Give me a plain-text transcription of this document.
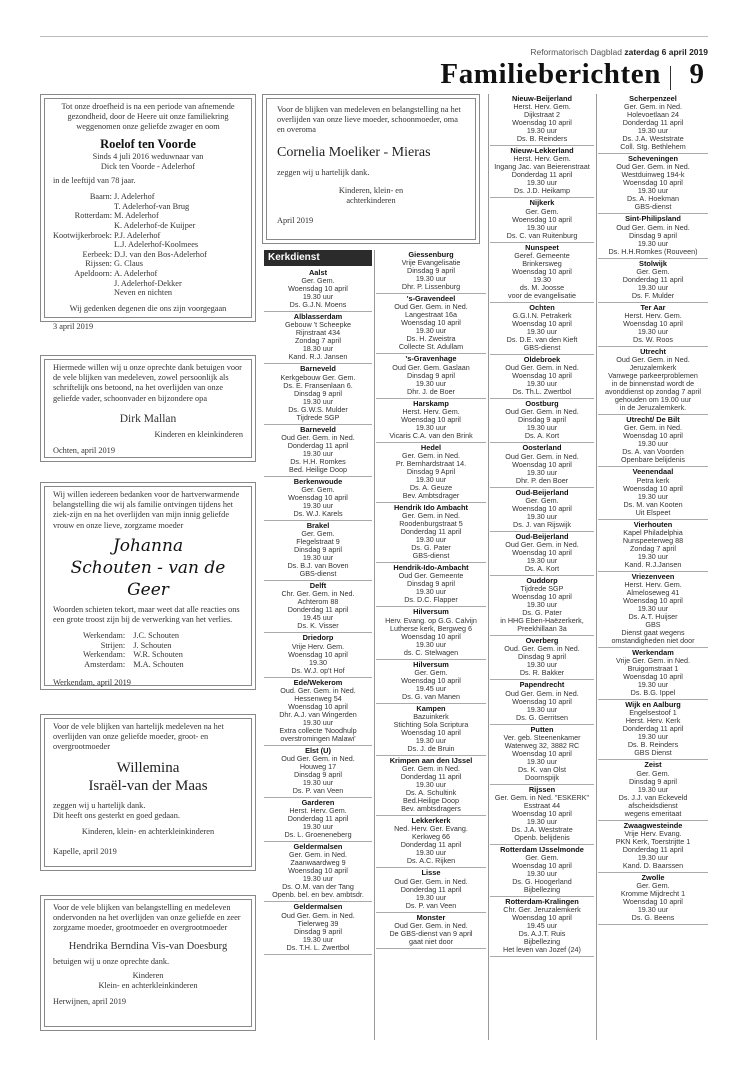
Reformatorisch Dagblad zaterdag 6 april 2019
Familieberichten 9

Tot onze droefheid is na een periode van afnemende gezondheid, door de Heere uit onze familiekring weggenomen onze geliefde zwager en oom

Roelof ten Voorde

Sinds 4 juli 2016 weduwnaar van

Dick ten Voorde - Adelerhof

in de leeftijd van 78 jaar.

Baarn: J. Adelerhof
T. Adelerhof-van Brug
Rotterdam: M. Adelerhof
K. Adelerhof-de Kuijper
Kootwijkerbroek: P.J. Adelerhof
L.J. Adelerhof-Koolmees
Eerbeek: D.J. van den Bos-Adelerhof
Rijssen: G. Claus
Apeldoorn: A. Adelerhof
J. Adelerhof-Dekker
Neven en nichten

Wij gedenken degenen die ons zijn voorgegaan

3 april 2019

Voor de blijken van medeleven en belangstelling na het overlijden van onze lieve moeder, schoonmoeder, oma en overoma

Cornelia Moeliker - Mieras

zeggen wij u hartelijk dank.

Kinderen, klein- en

achterkinderen

April 2019

Hiermede willen wij u onze oprechte dank betuigen voor de vele blijken van medeleven, zowel persoonlijk als schriftelijk ons betoond, na het overlijden van onze geliefde vader, schoonvader en bijzondere opa

Dirk Mallan

Kinderen en kleinkinderen

Ochten, april 2019

Wij willen iedereen bedanken voor de hartverwarmende belangstelling die wij als familie ontvingen tijdens het ziek-zijn en na het overlijden van mijn innig geliefde vrouw en onze lieve, zorgzame moeder

Johanna

Schouten - van de Geer

Woorden schieten tekort, maar weet dat alle reacties ons een grote troost zijn bij de verwerking van het verlies.

Werkendam: J.C. Schouten
Strijen: J. Schouten
Werkendam: W.R. Schouten
Amsterdam: M.A. Schouten

Werkendam, april 2019

Voor de vele blijken van hartelijk medeleven na het overlijden van onze geliefde moeder, groot- en overgrootmoeder

Willemina

Israël-van der Maas

zeggen wij u hartelijk dank.

Dit heeft ons gesterkt en goed gedaan.

Kinderen, klein- en achterkleinkinderen

Kapelle, april 2019

Voor de vele blijken van belangstelling en medeleven ondervonden na het overlijden van onze geliefde en zeer zorgzame moeder, grootmoeder en overgrootmoeder

Hendrika Berndina Vis-van Doesburg

betuigen wij u onze oprechte dank.

Kinderen

Klein- en achterkleinkinderen

Herwijnen, april 2019

Kerkdienst
Aalst
Ger. Gem.
Woensdag 10 april
19.30 uur
Ds. G.J.N. Moens
Alblasserdam
Gebouw 't Scheepke
Rijnstraat 434
Zondag 7 april
18.30 uur
Kand. R.J. Jansen
Barneveld
Kerkgebouw Ger. Gem.
Ds. E. Fransenlaan 6.
Dinsdag 9 april
19.30 uur
Ds. G.W.S. Mulder
Tijdrede SGP
Barneveld
Oud Ger. Gem. in Ned.
Donderdag 11 april
19.30 uur
Ds. H.H. Romkes
Bed. Heilige Doop
Berkenwoude
Ger. Gem.
Woensdag 10 april
19.30 uur
Ds. W.J. Karels
Brakel
Ger. Gem.
Flegelstraat 9
Dinsdag 9 april
19.30 uur
Ds. B.J. van Boven
GBS-dienst
Delft
Chr. Ger. Gem. in Ned.
Achterom 88
Donderdag 11 april
19.45 uur
Ds. K. Visser
Driedorp
Vrije Herv. Gem.
Woensdag 10 april
19.30
Ds. W.J. op't Hof
Ede/Wekerom
Oud. Ger. Gem. in Ned.
Hessenweg 54
Woensdag 10 april
Dhr. A.J. van Wingerden
19.30 uur
Extra collecte 'Noodhulp
overstromingen Malawi'
Elst (U)
Oud Ger. Gem. in Ned.
Houweg 17
Dinsdag 9 april
19.30 uur
Ds. P. van Veen
Garderen
Herst. Herv. Gem.
Donderdag 11 april
19.30 uur
Ds. L. Groeneneberg
Geldermalsen
Ger. Gem. in Ned.
Zaanwaardweg 9
Woensdag 10 april
19.30 uur
Ds. O.M. van der Tang
Openb. bel. en bev. ambtsdr.
Geldermalsen
Oud Ger. Gem. in Ned.
Tielerweg 39
Dinsdag 9 april
19.30 uur
Ds. T.H. L. Zwertbol
Giessenburg
Vrije Evangelisatie
Dinsdag 9 april
19.30 uur
Dhr. P. Lissenburg
's-Gravendeel
Oud Ger. Gem. in Ned.
Langestraat 16a
Woensdag 10 april
19.30 uur
Ds. H. Zweistra
Collecte St. Adullam
's-Gravenhage
Oud Ger. Gem. Gaslaan
Dinsdag 9 april
19.30 uur
Dhr. J. de Boer
Harskamp
Herst. Herv. Gem.
Woensdag 10 april
19.30 uur
Vicaris C.A. van den Brink
Hedel
Ger. Gem. in Ned.
Pr. Bernhardstraat 14.
Dinsdag 9 April
19.30 uur
Ds. A. Geuze
Bev. Ambtsdrager
Hendrik Ido Ambacht
Ger. Gem. in Ned.
Roodenburgstraat 5
Donderdag 11 april
19.30 uur
Ds. G. Pater
GBS-dienst
Hendrik-Ido-Ambacht
Oud Ger. Gemeente
Dinsdag 9 april
19.30 uur
Ds. D.C. Flapper
Hilversum
Herv. Evang. op G.G. Calvijn
Lutherse kerk, Bergweg 6
Woensdag 10 april
19.30 uur
ds. C. Stelwagen
Hilversum
Ger. Gem.
Woensdag 10 april
19.45 uur
Ds. G. van Manen
Kampen
Bazuinkerk
Stichting Sola Scriptura
Woensdag 10 april
19.30 uur
Ds. J. de Bruin
Krimpen aan den IJssel
Ger. Gem. in Ned.
Donderdag 11 april
19.30 uur
Ds. A. Schultink
Bed.Heilige Doop
Bev. ambtsdragers
Lekkerkerk
Ned. Herv. Ger. Evang.
Kerkweg 66
Donderdag 11 april
19.30 uur
Ds. A.C. Rijken
Lisse
Oud Ger. Gem. in Ned.
Donderdag 11 april
19.30 uur
Ds. P. van Veen
Monster
Oud Ger. Gem. in Ned.
De GBS-dienst van 9 april
gaat niet door
Nieuw-Beijerland
Herst. Herv. Gem.
Dijkstraat 2
Woensdag 10 april
19.30 uur
Ds. B. Reinders
Nieuw-Lekkerland
Herst. Herv. Gem.
Ingang Jac. van Beierenstraat
Donderdag 11 april
19.30 uur
Ds. J.D. Heikamp
Nijkerk
Ger. Gem.
Woensdag 10 april
19.30 uur
Ds. C. van Ruitenburg
Nunspeet
Geref. Gemeente
Brinkersweg
Woensdag 10 april
19.30
ds. M. Joosse
voor de evangelisatie
Ochten
G.G.I.N. Petrakerk
Woensdag 10 april
19.30 uur
Ds. D.E. van den Kieft
GBS-dienst
Oldebroek
Oud Ger. Gem. in Ned.
Woensdag 10 april
19.30 uur
Ds. Th.L. Zwertbol
Oostburg
Oud Ger. Gem. in Ned.
Dinsdag 9 april
19.30 uur
Ds. A. Kort
Oosterland
Oud Ger. Gem. in Ned.
Woensdag 10 april
19.30 uur
Dhr. P. den Boer
Oud-Beijerland
Ger. Gem.
Woensdag 10 april
19.30 uur
Ds. J. van Rijswijk
Oud-Beijerland
Oud Ger. Gem. in Ned.
Woensdag 10 april
19.30 uur
Ds. A. Kort
Ouddorp
Tijdrede SGP
Woensdag 10 april
19.30 uur
Ds. G. Pater
in HHG Eben-Haëzerkerk,
Preekhillaan 3a
Overberg
Oud. Ger. Gem. in Ned.
Dinsdag 9 april
19.30 uur
Ds. R. Bakker
Papendrecht
Oud Ger. Gem. in Ned.
Woensdag 10 april
19.30 uur
Ds. G. Gerritsen
Putten
Ver. geb. Steenenkamer
Waterweg 32, 3882 RC
Woensdag 10 april
19.30 uur
Ds. K. van Olst
Doornspijk
Rijssen
Ger. Gem. in Ned. "ESKERK"
Esstraat 44
Woensdag 10 april
19.30 uur
Ds. J.A. Weststrate
Openb. belijdenis
Rotterdam IJsselmonde
Ger. Gem.
Woensdag 10 april
19.30 uur
Ds. G. Hoogerland
Bijbellezing
Rotterdam-Kralingen
Chr. Ger. Jeruzalemkerk
Woensdag 10 april
19.45 uur
Ds. A.J.T. Ruis
Bijbellezing
Het leven van Jozef (24)
Scherpenzeel
Ger. Gem. in Ned.
Holevoetlaan 24
Donderdag 11 april
19.30 uur
Ds. J.A. Weststrate
Coll. Stg. Bethlehem
Scheveningen
Oud Ger. Gem. in Ned.
Westduinweg 194-k
Woensdag 10 april
19.30 uur
Ds. A. Hoekman
GBS-dienst
Sint-Philipsland
Oud Ger. Gem. in Ned.
Dinsdag 9 april
19.30 uur
Ds. H.H.Romkes (Rouveen)
Stolwijk
Ger. Gem.
Donderdag 11 april
19.30 uur
Ds. F. Mulder
Ter Aar
Herst. Herv. Gem.
Woensdag 10 april
19.30 uur
Ds. W. Roos
Utrecht
Oud Ger. Gem. in Ned.
Jeruzalemkerk
Vanwege parkeerproblemen
in de binnenstad wordt de
avonddienst op zondag 7 april
gehouden om 19.00 uur
in de Jeruzalemkerk.
Utrecht/ De Bilt
Ger. Gem. in Ned.
Woensdag 10 april
19.30 uur
Ds. A. van Voorden
Openbare belijdenis
Veenendaal
Petra kerk
Woensdag 10 april
19.30 uur
Ds. M. van Kooten
Uit Elspeet
Vierhouten
Kapel Philadelphia
Nunspeeterweg 88
Zondag 7 april
19.30 uur
Kand. R.J.Jansen
Vriezenveen
Herst. Herv. Gem.
Almeloseweg 41
Woensdag 10 april
19.30 uur
Ds. A.T. Huijser
GBS
Dienst gaat wegens
omstandigheden niet door
Werkendam
Vrije Ger. Gem. in Ned.
Bruigomstraat 1
Woensdag 10 april
19.30 uur
Ds. B.G. Ippel
Wijk en Aalburg
Engelsestoof 1
Herst. Herv. Kerk
Donderdag 11 april
19.30 uur
Ds. B. Reinders
GBS Dienst
Zeist
Ger. Gem.
Dinsdag 9 april
19.30 uur
Ds. J.J. van Eckeveld
afscheidsdienst
wegens emeritaat
Zwaagwesteinde
Vrije Herv. Evang.
PKN Kerk, Toerstrijtte 1
Donderdag 11 april
19.30 uur
Kand. D. Baarssen
Zwolle
Ger. Gem.
Kromme Mijdrecht 1
Woensdag 10 april
19.30 uur
Ds. G. Beens
